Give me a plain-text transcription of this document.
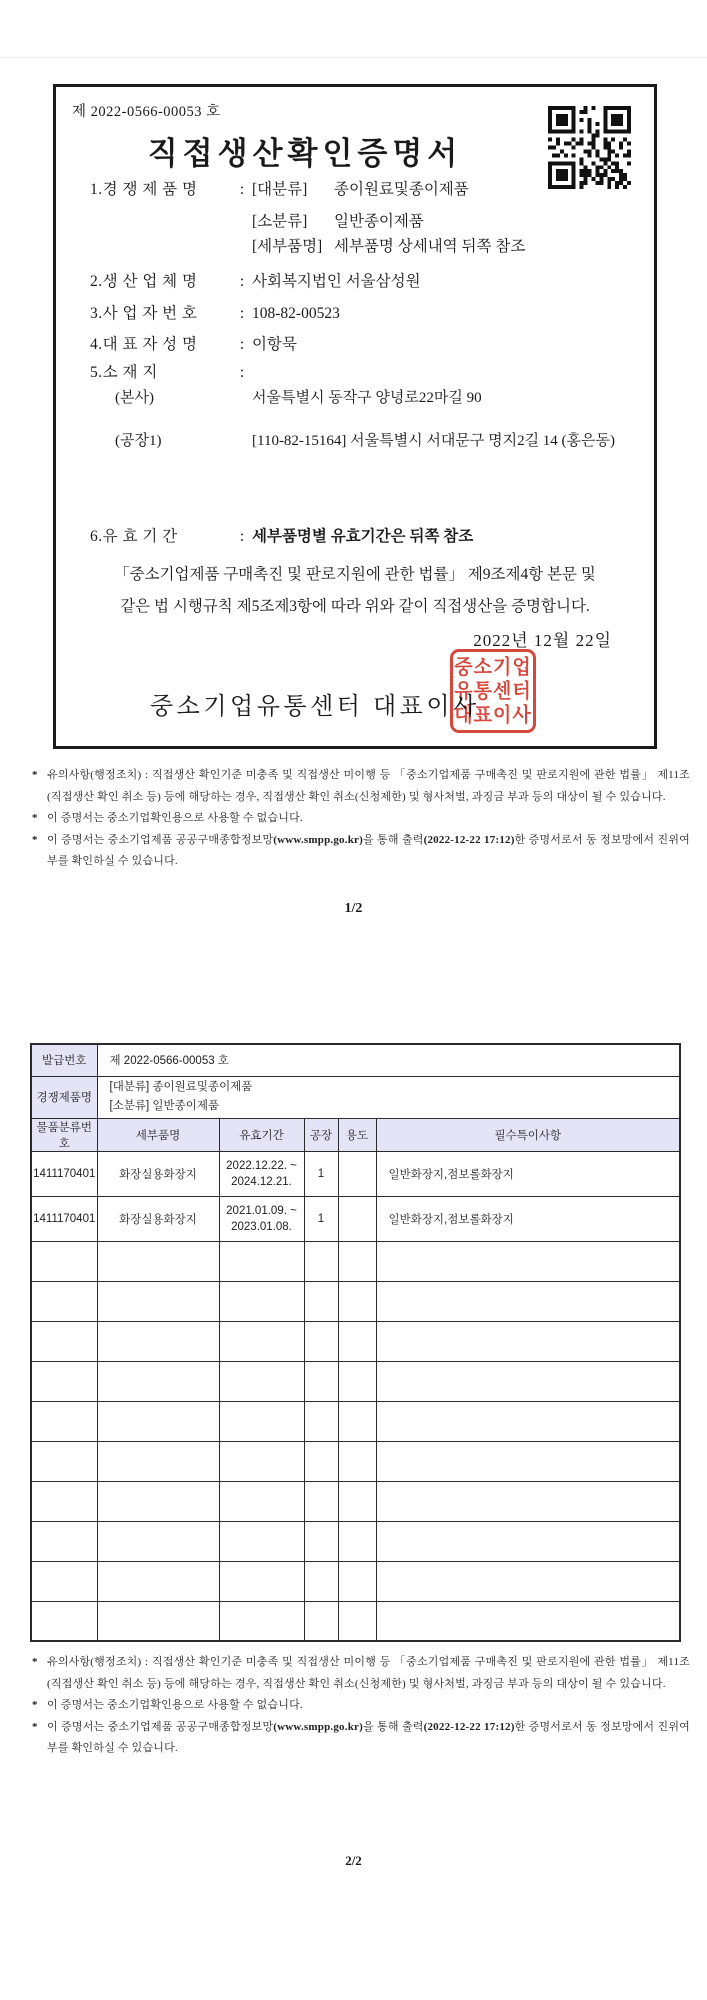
제 2022-0566-00053 호
직접생산확인증명서
1.경 쟁 제 품 명	: [대분류] 종이원료및종이제품
[소분류] 일반종이제품
[세부품명] 세부품명 상세내역 뒤쪽 참조
2.생 산 업 체 명	: 사회복지법인 서울삼성원
3.사 업 자 번 호	: 108-82-00523
4.대 표 자 성 명	: 이항묵
5.소 재 지	:
(본사)	서울특별시 동작구 양녕로22마길 90
(공장1)	[110-82-15164] 서울특별시 서대문구 명지2길 14 (홍은동)
6.유 효 기 간	: 세부품명별 유효기간은 뒤쪽 참조
「중소기업제품 구매촉진 및 판로지원에 관한 법률」 제9조제4항 본문 및
같은 법 시행규칙 제5조제3항에 따라 위와 같이 직접생산을 증명합니다.
2022년 12월 22일
중소기업유통센터 대표이사
중소기업
유통센터
대표이사
* 유의사항(행정조치) : 직접생산 확인기준 미충족 및 직접생산 미이행 등 「중소기업제품 구매촉진 및 판로지원에 관한 법률」 제11조(직접생산 확인 취소 등) 등에 해당하는 경우, 직접생산 확인 취소(신청제한) 및 형사처벌, 과징금 부과 등의 대상이 될 수 있습니다.
* 이 증명서는 중소기업확인용으로 사용할 수 없습니다.
* 이 증명서는 중소기업제품 공공구매종합정보망(www.smpp.go.kr)을 통해 출력(2022-12-22 17:12)한 증명서로서 동 정보망에서 진위여부를 확인하실 수 있습니다.
1/2
발급번호	제 2022-0566-00053 호				
경쟁제품명	[대분류] 종이원료및종이제품
[소분류] 일반종이제품				

물품분류번호	세부품명	유효기간	공장	용도	필수특이사항
1411170401	화장실용화장지	2022.12.22. ~
2024.12.21.	1		일반화장지,점보롤화장지
1411170401	화장실용화장지	2021.01.09. ~
2023.01.08.	1		일반화장지,점보롤화장지

* 유의사항(행정조치) : 직접생산 확인기준 미충족 및 직접생산 미이행 등 「중소기업제품 구매촉진 및 판로지원에 관한 법률」 제11조(직접생산 확인 취소 등) 등에 해당하는 경우, 직접생산 확인 취소(신청제한) 및 형사처벌, 과징금 부과 등의 대상이 될 수 있습니다.
* 이 증명서는 중소기업확인용으로 사용할 수 없습니다.
* 이 증명서는 중소기업제품 공공구매종합정보망(www.smpp.go.kr)을 통해 출력(2022-12-22 17:12)한 증명서로서 동 정보망에서 진위여부를 확인하실 수 있습니다.
2/2
